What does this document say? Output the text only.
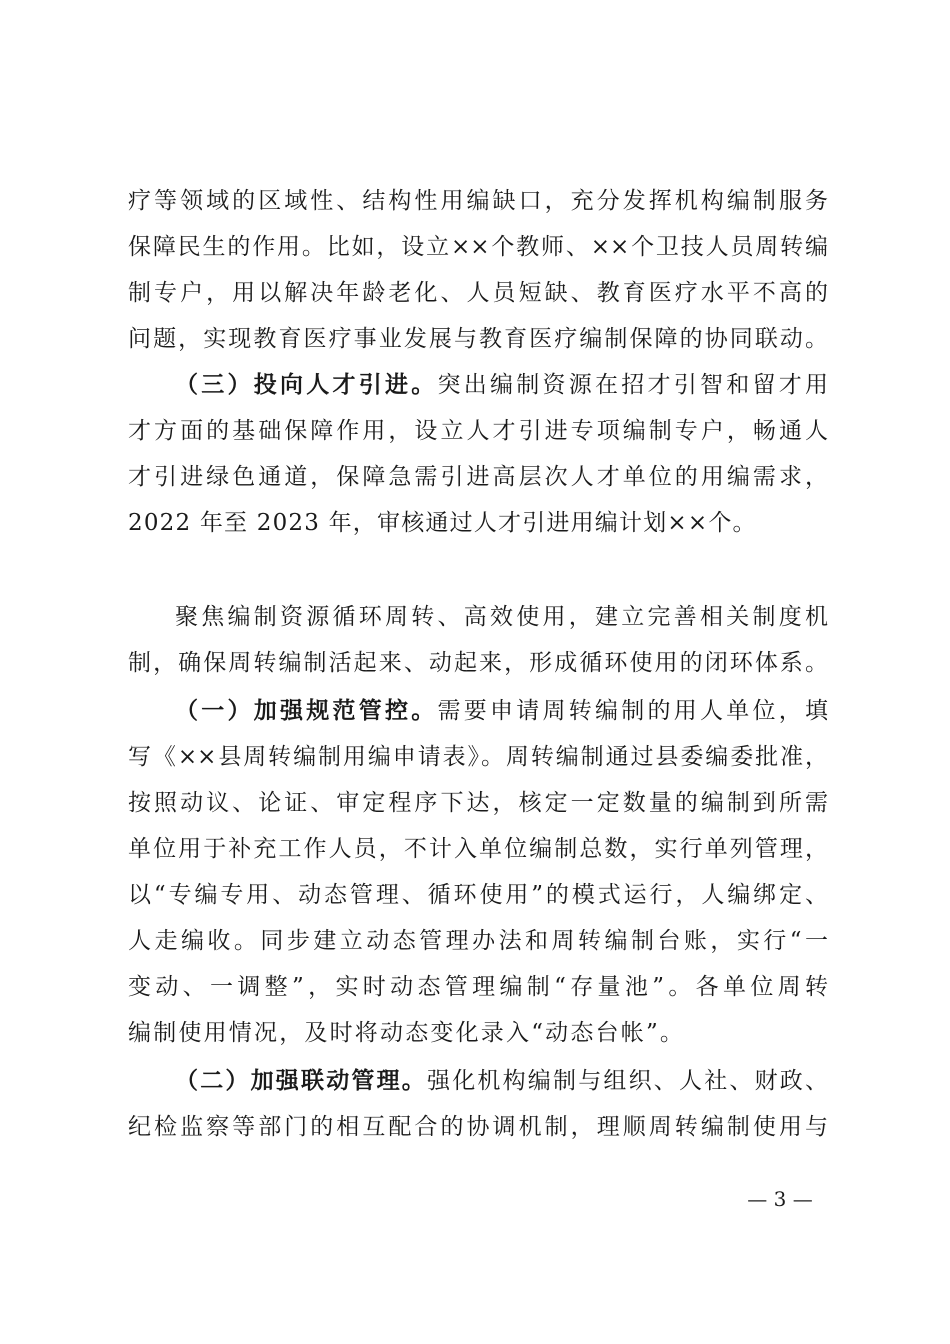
疗等领域的区域性、结构性用编缺口，充分发挥机构编制服务
保障民生的作用。比如，设立××个教师、××个卫技人员周转编
制专户，用以解决年龄老化、人员短缺、教育医疗水平不高的
问题，实现教育医疗事业发展与教育医疗编制保障的协同联动。
（三）投向人才引进。突出编制资源在招才引智和留才用
才方面的基础保障作用，设立人才引进专项编制专户，畅通人
才引进绿色通道，保障急需引进高层次人才单位的用编需求，
2022 年至 2023 年，审核通过人才引进用编计划××个。
聚焦编制资源循环周转、高效使用，建立完善相关制度机
制，确保周转编制活起来、动起来，形成循环使用的闭环体系。
（一）加强规范管控。需要申请周转编制的用人单位，填
写《××县周转编制用编申请表》。周转编制通过县委编委批准，
按照动议、论证、审定程序下达，核定一定数量的编制到所需
单位用于补充工作人员，不计入单位编制总数，实行单列管理，
以“专编专用、动态管理、循环使用”的模式运行，人编绑定、
人走编收。同步建立动态管理办法和周转编制台账，实行“一
变动、一调整”，实时动态管理编制“存量池”。各单位周转
编制使用情况，及时将动态变化录入“动态台帐”。
（二）加强联动管理。强化机构编制与组织、人社、财政、
纪检监察等部门的相互配合的协调机制，理顺周转编制使用与
— 3 —
